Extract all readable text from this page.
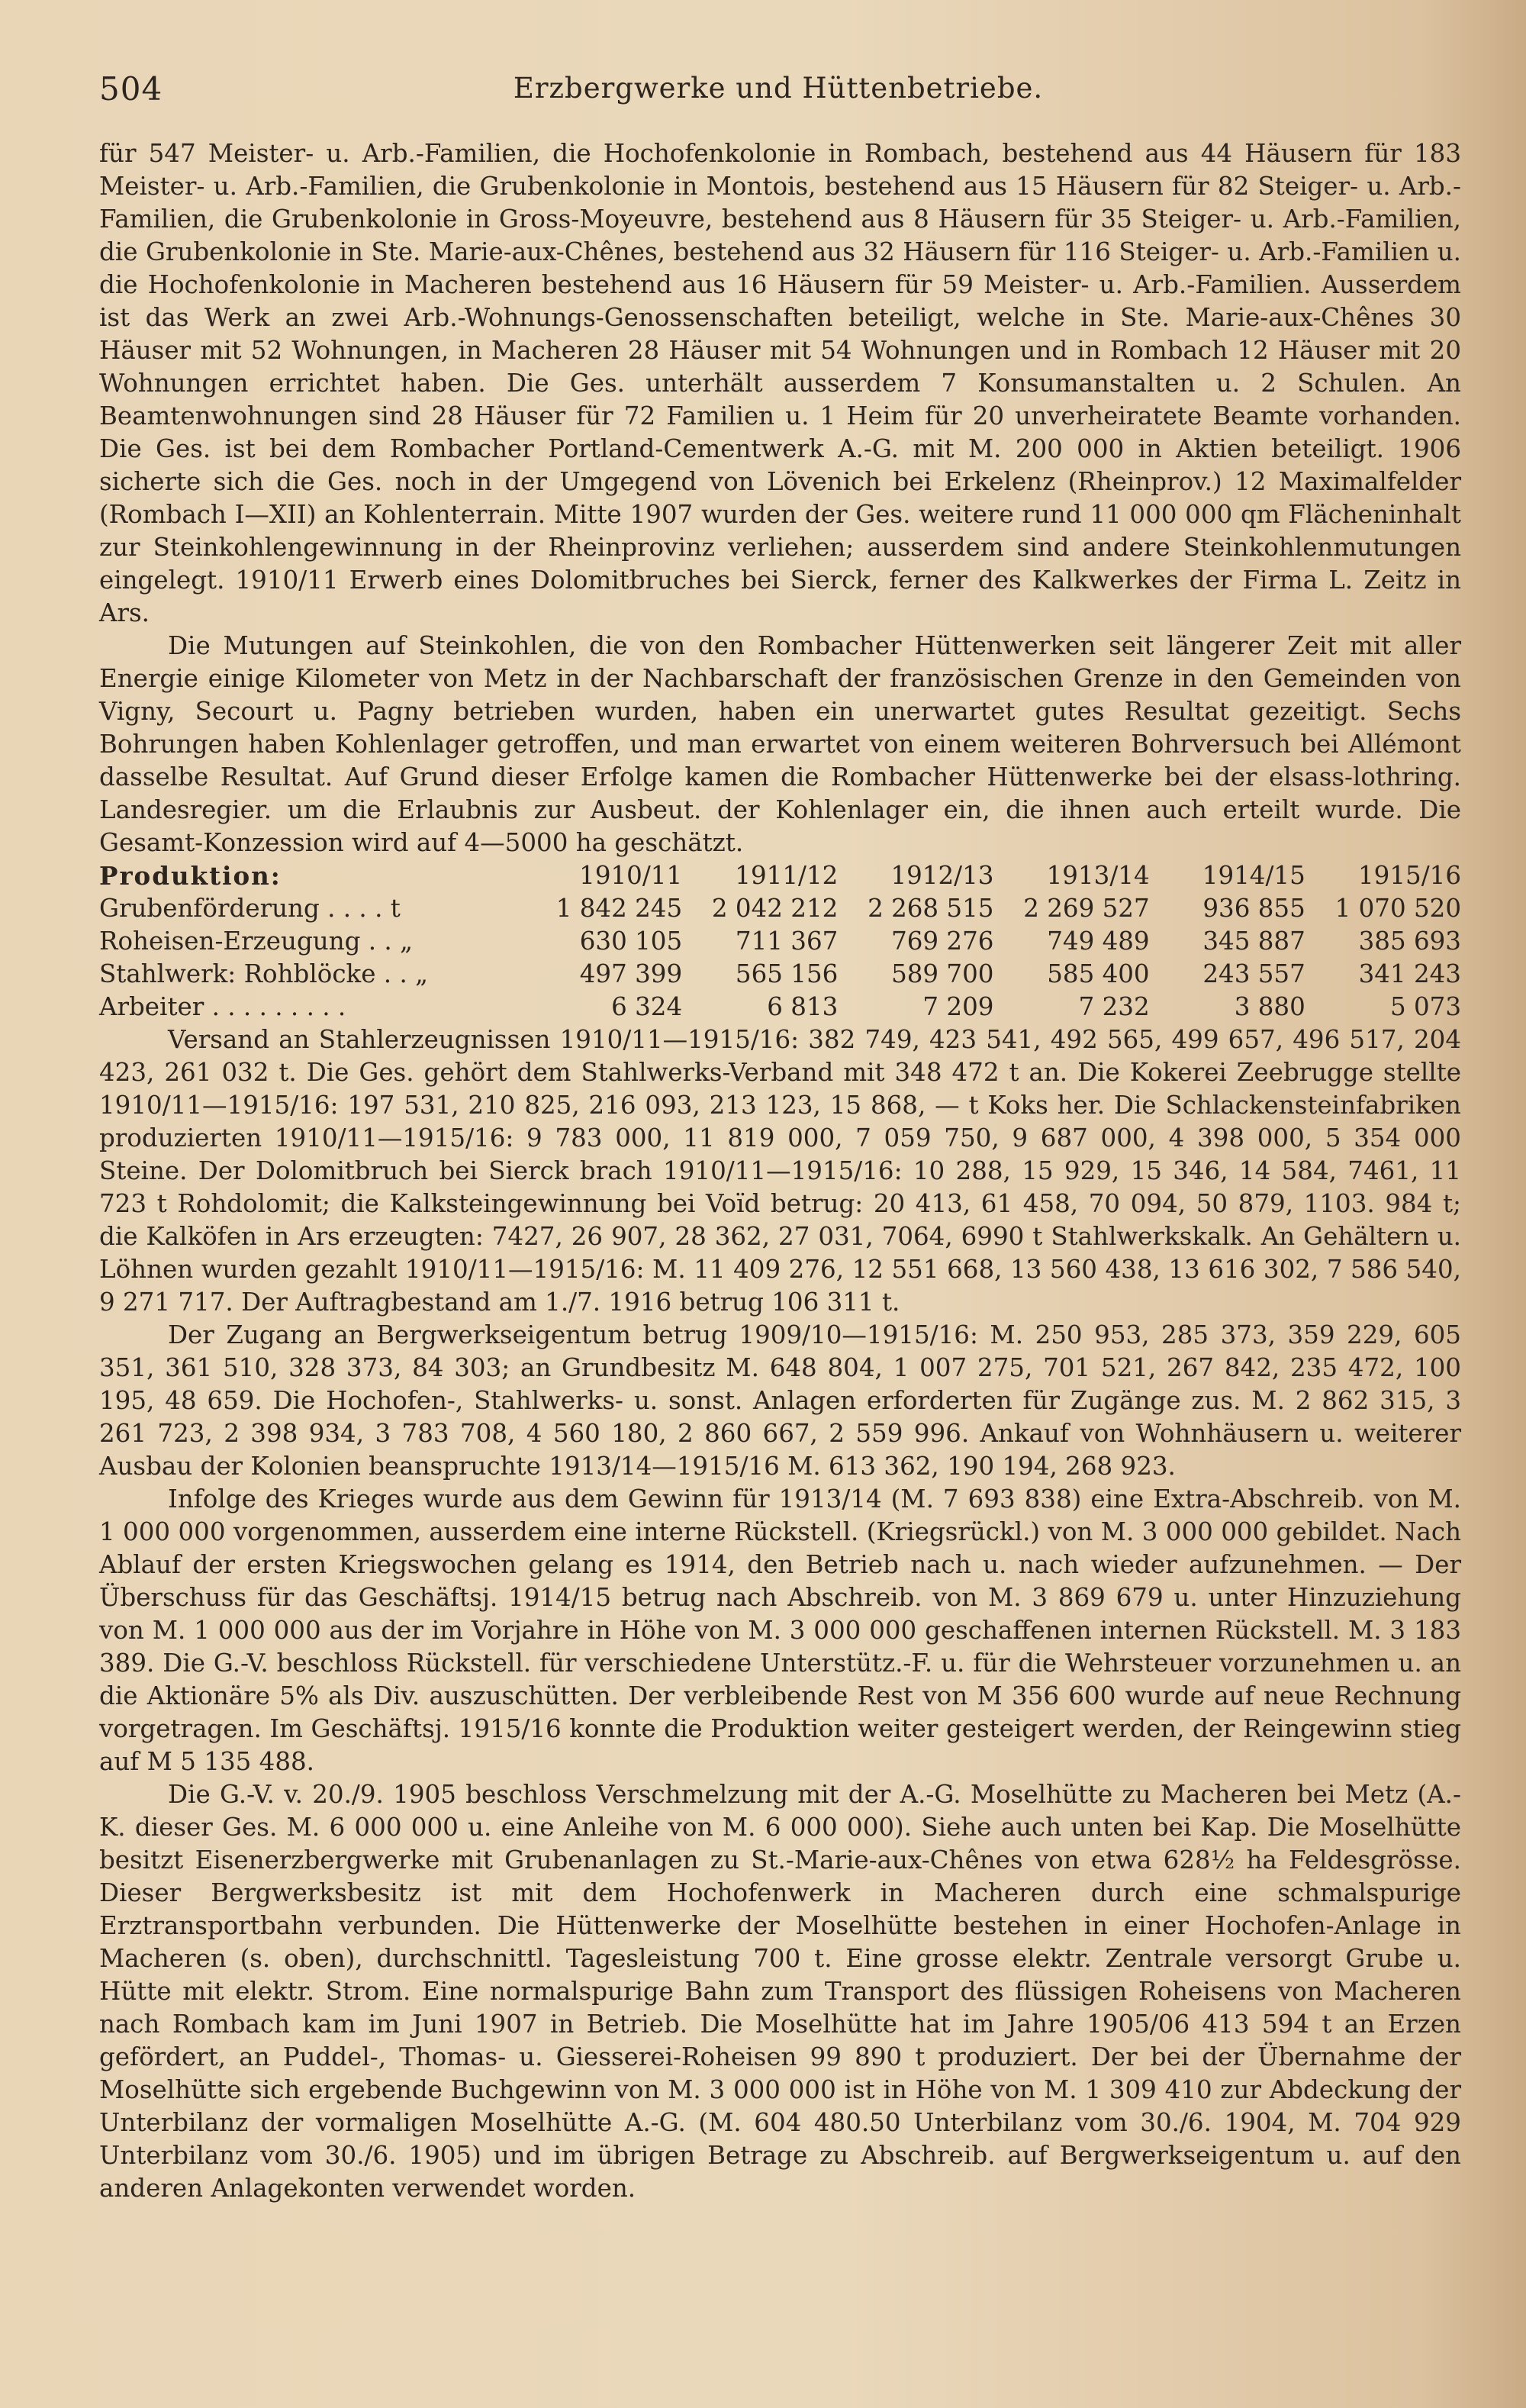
504	Erzbergwerke und Hüttenbetriebe.

für 547 Meister- u. Arb.-Familien, die Hochofenkolonie in Rombach, bestehend aus 44 Häusern für 183 Meister- u. Arb.-Familien, die Grubenkolonie in Montois, bestehend aus 15 Häusern für 82 Steiger- u. Arb.-Familien, die Grubenkolonie in Gross-Moyeuvre, bestehend aus 8 Häusern für 35 Steiger- u. Arb.-Familien, die Grubenkolonie in Ste. Marie-aux-Chênes, bestehend aus 32 Häusern für 116 Steiger- u. Arb.-Familien u. die Hochofenkolonie in Macheren bestehend aus 16 Häusern für 59 Meister- u. Arb.-Familien. Ausserdem ist das Werk an zwei Arb.-Wohnungs-Genossenschaften beteiligt, welche in Ste. Marie-aux-Chênes 30 Häuser mit 52 Wohnungen, in Macheren 28 Häuser mit 54 Wohnungen und in Rombach 12 Häuser mit 20 Wohnungen errichtet haben. Die Ges. unterhält ausserdem 7 Konsumanstalten u. 2 Schulen. An Beamtenwohnungen sind 28 Häuser für 72 Familien u. 1 Heim für 20 unverheiratete Beamte vorhanden. Die Ges. ist bei dem Rombacher Portland-Cementwerk A.-G. mit M. 200 000 in Aktien beteiligt. 1906 sicherte sich die Ges. noch in der Umgegend von Lövenich bei Erkelenz (Rheinprov.) 12 Maximalfelder (Rombach I—XII) an Kohlenterrain. Mitte 1907 wurden der Ges. weitere rund 11 000 000 qm Flächeninhalt zur Steinkohlengewinnung in der Rheinprovinz verliehen; ausserdem sind andere Steinkohlenmutungen eingelegt. 1910/11 Erwerb eines Dolomitbruches bei Sierck, ferner des Kalkwerkes der Firma L. Zeitz in Ars.

Die Mutungen auf Steinkohlen, die von den Rombacher Hüttenwerken seit längerer Zeit mit aller Energie einige Kilometer von Metz in der Nachbarschaft der französischen Grenze in den Gemeinden von Vigny, Secourt u. Pagny betrieben wurden, haben ein unerwartet gutes Resultat gezeitigt. Sechs Bohrungen haben Kohlenlager getroffen, und man erwartet von einem weiteren Bohrversuch bei Allémont dasselbe Resultat. Auf Grund dieser Erfolge kamen die Rombacher Hüttenwerke bei der elsass-lothring. Landesregier. um die Erlaubnis zur Ausbeut. der Kohlenlager ein, die ihnen auch erteilt wurde. Die Gesamt-Konzession wird auf 4—5000 ha geschätzt.

Produktion:	1910/11	1911/12	1912/13	1913/14	1914/15	1915/16
Grubenförderung . . . . t	1 842 245	2 042 212	2 268 515	2 269 527	936 855	1 070 520
Roheisen-Erzeugung . . „	630 105	711 367	769 276	749 489	345 887	385 693
Stahlwerk: Rohblöcke . . „	497 399	565 156	589 700	585 400	243 557	341 243
Arbeiter . . . . . . . . .	6 324	6 813	7 209	7 232	3 880	5 073

Versand an Stahlerzeugnissen 1910/11—1915/16: 382 749, 423 541, 492 565, 499 657, 496 517, 204 423, 261 032 t. Die Ges. gehört dem Stahlwerks-Verband mit 348 472 t an. Die Kokerei Zeebrugge stellte 1910/11—1915/16: 197 531, 210 825, 216 093, 213 123, 15 868, — t Koks her. Die Schlackensteinfabriken produzierten 1910/11—1915/16: 9 783 000, 11 819 000, 7 059 750, 9 687 000, 4 398 000, 5 354 000 Steine. Der Dolomitbruch bei Sierck brach 1910/11—1915/16: 10 288, 15 929, 15 346, 14 584, 7461, 11 723 t Rohdolomit; die Kalksteingewinnung bei Voïd betrug: 20 413, 61 458, 70 094, 50 879, 1103. 984 t; die Kalköfen in Ars erzeugten: 7427, 26 907, 28 362, 27 031, 7064, 6990 t Stahlwerkskalk. An Gehältern u. Löhnen wurden gezahlt 1910/11—1915/16: M. 11 409 276, 12 551 668, 13 560 438, 13 616 302, 7 586 540, 9 271 717. Der Auftragbestand am 1./7. 1916 betrug 106 311 t.

Der Zugang an Bergwerkseigentum betrug 1909/10—1915/16: M. 250 953, 285 373, 359 229, 605 351, 361 510, 328 373, 84 303; an Grundbesitz M. 648 804, 1 007 275, 701 521, 267 842, 235 472, 100 195, 48 659. Die Hochofen-, Stahlwerks- u. sonst. Anlagen erforderten für Zugänge zus. M. 2 862 315, 3 261 723, 2 398 934, 3 783 708, 4 560 180, 2 860 667, 2 559 996. Ankauf von Wohnhäusern u. weiterer Ausbau der Kolonien beanspruchte 1913/14—1915/16 M. 613 362, 190 194, 268 923.

Infolge des Krieges wurde aus dem Gewinn für 1913/14 (M. 7 693 838) eine Extra-Abschreib. von M. 1 000 000 vorgenommen, ausserdem eine interne Rückstell. (Kriegsrückl.) von M. 3 000 000 gebildet. Nach Ablauf der ersten Kriegswochen gelang es 1914, den Betrieb nach u. nach wieder aufzunehmen. — Der Überschuss für das Geschäftsj. 1914/15 betrug nach Abschreib. von M. 3 869 679 u. unter Hinzuziehung von M. 1 000 000 aus der im Vorjahre in Höhe von M. 3 000 000 geschaffenen internen Rückstell. M. 3 183 389. Die G.-V. beschloss Rückstell. für verschiedene Unterstütz.-F. u. für die Wehrsteuer vorzunehmen u. an die Aktionäre 5% als Div. auszuschütten. Der verbleibende Rest von M 356 600 wurde auf neue Rechnung vorgetragen. Im Geschäftsj. 1915/16 konnte die Produktion weiter gesteigert werden, der Reingewinn stieg auf M 5 135 488.

Die G.-V. v. 20./9. 1905 beschloss Verschmelzung mit der A.-G. Moselhütte zu Macheren bei Metz (A.-K. dieser Ges. M. 6 000 000 u. eine Anleihe von M. 6 000 000). Siehe auch unten bei Kap. Die Moselhütte besitzt Eisenerzbergwerke mit Grubenanlagen zu St.-Marie-aux-Chênes von etwa 628½ ha Feldesgrösse. Dieser Bergwerksbesitz ist mit dem Hochofenwerk in Macheren durch eine schmalspurige Erztransportbahn verbunden. Die Hüttenwerke der Moselhütte bestehen in einer Hochofen-Anlage in Macheren (s. oben), durchschnittl. Tagesleistung 700 t. Eine grosse elektr. Zentrale versorgt Grube u. Hütte mit elektr. Strom. Eine normalspurige Bahn zum Transport des flüssigen Roheisens von Macheren nach Rombach kam im Juni 1907 in Betrieb. Die Moselhütte hat im Jahre 1905/06 413 594 t an Erzen gefördert, an Puddel-, Thomas- u. Giesserei-Roheisen 99 890 t produziert. Der bei der Übernahme der Moselhütte sich ergebende Buchgewinn von M. 3 000 000 ist in Höhe von M. 1 309 410 zur Abdeckung der Unterbilanz der vormaligen Moselhütte A.-G. (M. 604 480.50 Unterbilanz vom 30./6. 1904, M. 704 929 Unterbilanz vom 30./6. 1905) und im übrigen Betrage zu Abschreib. auf Bergwerkseigentum u. auf den anderen Anlagekonten verwendet worden.
